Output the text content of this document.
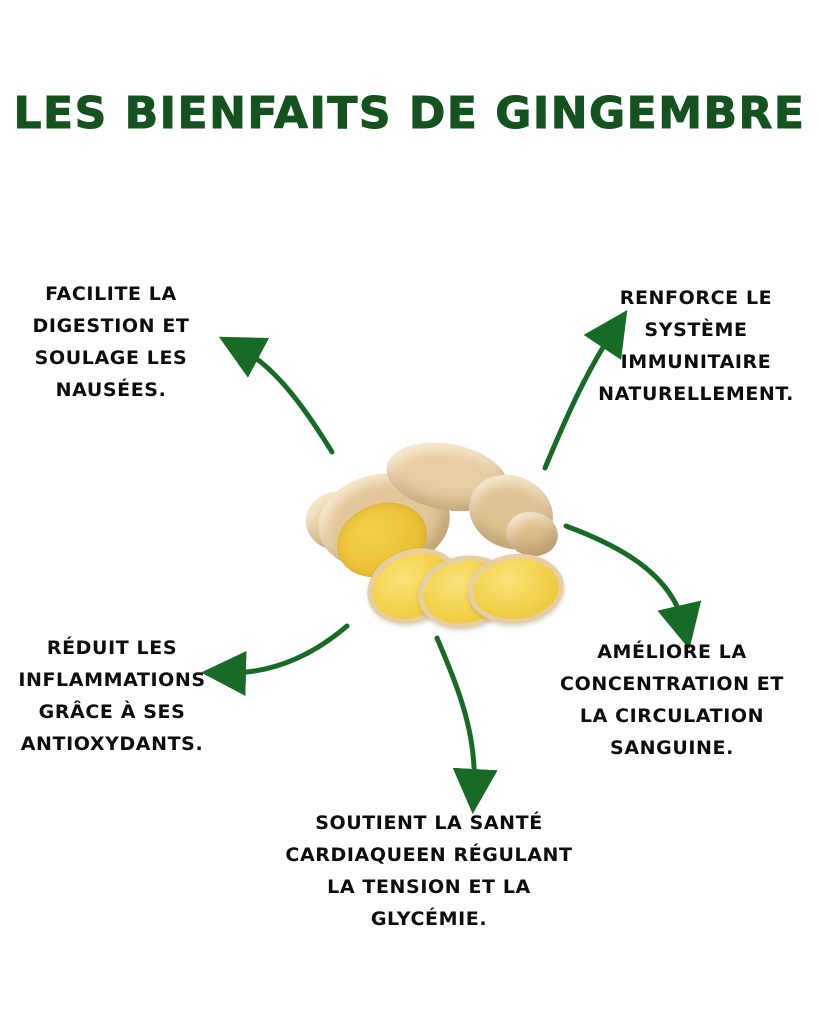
LES BIENFAITS DE GINGEMBRE
FACILITE LA DIGESTION ET SOULAGE LES NAUSÉES.
RENFORCE LE SYSTÈME IMMUNITAIRE NATURELLEMENT.
AMÉLIORE LA CONCENTRATION ET LA CIRCULATION SANGUINE.
SOUTIENT LA SANTÉ CARDIAQUEEN RÉGULANT LA TENSION ET LA GLYCÉMIE.
RÉDUIT LES INFLAMMATIONS GRÂCE À SES ANTIOXYDANTS.
